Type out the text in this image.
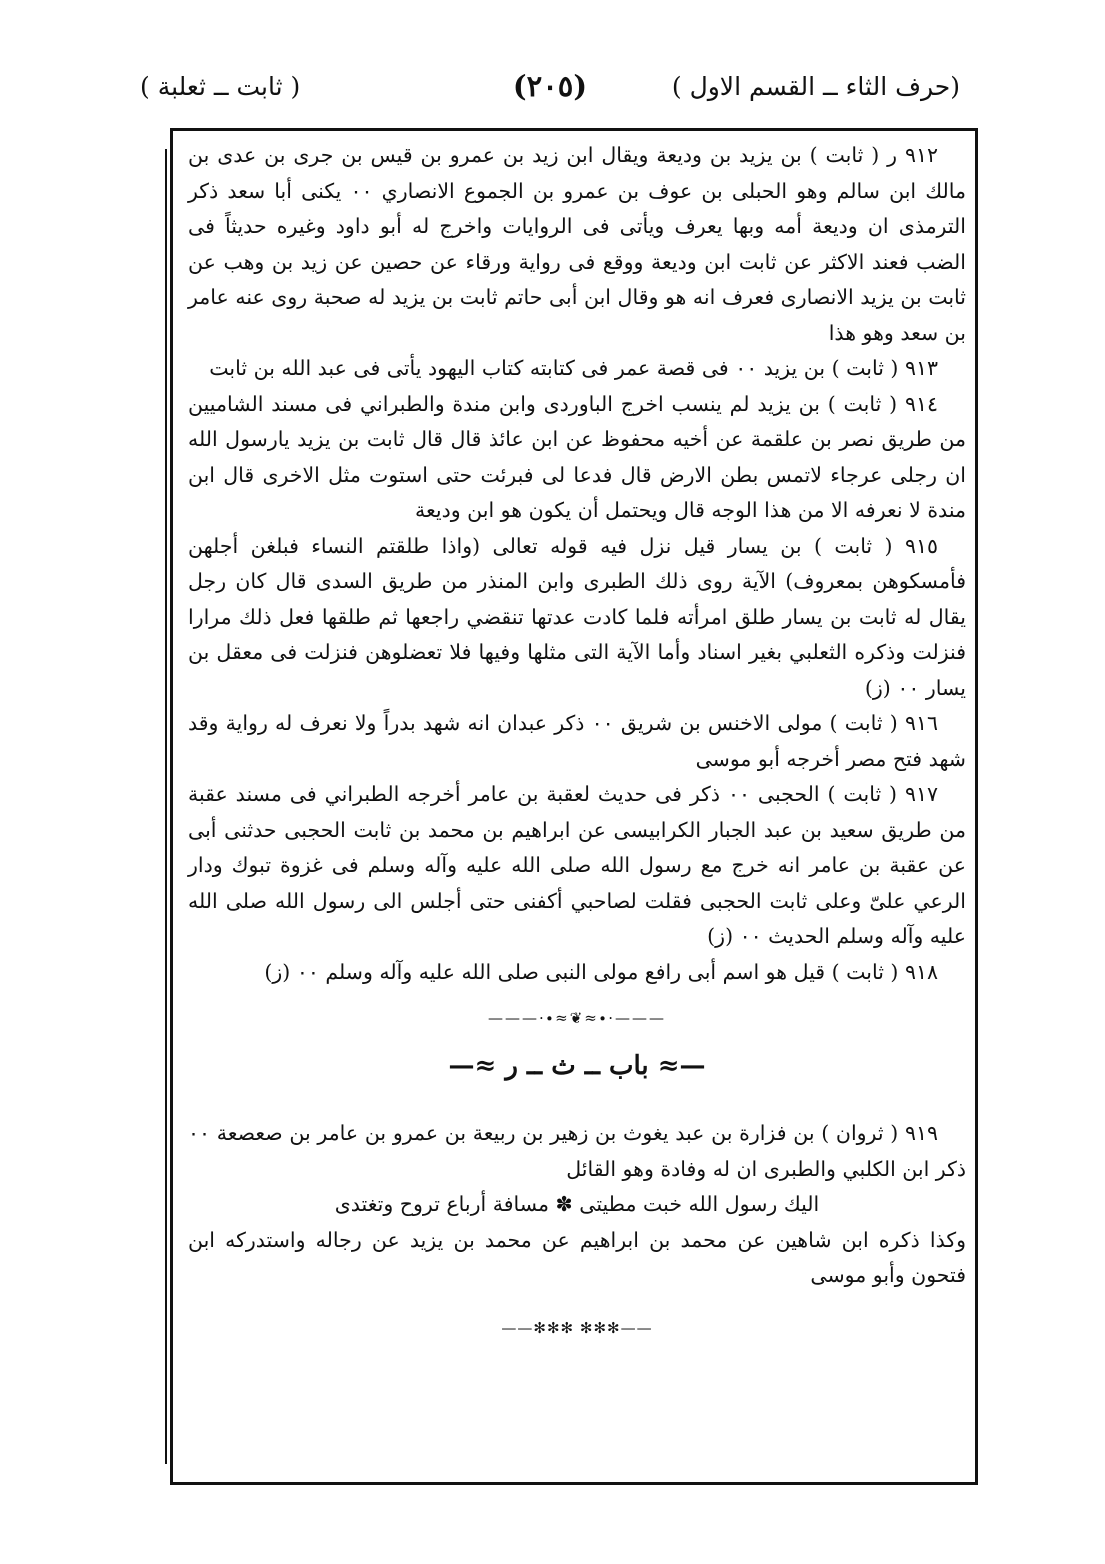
(حرف الثاء ــ القسم الاول )
(٢٠٥)
( ثابت ــ ثعلبة )

٩١٢ ر ( ثابت ) بن يزيد بن وديعة ويقال ابن زيد بن عمرو بن قيس بن جرى بن عدى بن مالك ابن سالم وهو الحبلى بن عوف بن عمرو بن الجموع الانصاري ٠٠ يكنى أبا سعد ذكر الترمذى ان وديعة أمه وبها يعرف ويأتى فى الروايات واخرج له أبو داود وغيره حديثاً فى الضب فعند الاكثر عن ثابت ابن وديعة ووقع فى رواية ورقاء عن حصين عن زيد بن وهب عن ثابت بن يزيد الانصارى فعرف انه هو وقال ابن أبى حاتم ثابت بن يزيد له صحبة روى عنه عامر بن سعد وهو هذا

٩١٣ ( ثابت ) بن يزيد ٠٠ فى قصة عمر فى كتابته كتاب اليهود يأتى فى عبد الله بن ثابت

٩١٤ ( ثابت ) بن يزيد لم ينسب اخرج الباوردى وابن مندة والطبراني فى مسند الشاميين من طريق نصر بن علقمة عن أخيه محفوظ عن ابن عائذ قال قال ثابت بن يزيد يارسول الله ان رجلى عرجاء لاتمس بطن الارض قال فدعا لى فبرئت حتى استوت مثل الاخرى قال ابن مندة لا نعرفه الا من هذا الوجه قال ويحتمل أن يكون هو ابن وديعة

٩١٥ ( ثابت ) بن يسار قيل نزل فيه قوله تعالى (واذا طلقتم النساء فبلغن أجلهن فأمسكوهن بمعروف) الآية روى ذلك الطبرى وابن المنذر من طريق السدى قال كان رجل يقال له ثابت بن يسار طلق امرأته فلما كادت عدتها تنقضي راجعها ثم طلقها فعل ذلك مرارا فنزلت وذكره الثعلبي بغير اسناد وأما الآية التى مثلها وفيها فلا تعضلوهن فنزلت فى معقل بن يسار ٠٠ (ز)

٩١٦ ( ثابت ) مولى الاخنس بن شريق ٠٠ ذكر عبدان انه شهد بدراً ولا نعرف له رواية وقد شهد فتح مصر أخرجه أبو موسى

٩١٧ ( ثابت ) الحجبى ٠٠ ذكر فى حديث لعقبة بن عامر أخرجه الطبراني فى مسند عقبة من طريق سعيد بن عبد الجبار الكرابيسى عن ابراهيم بن محمد بن ثابت الحجبى حدثنى أبى عن عقبة بن عامر انه خرج مع رسول الله صلى الله عليه وآله وسلم فى غزوة تبوك ودار الرعي علىّ وعلى ثابت الحجبى فقلت لصاحبي أكفنى حتى أجلس الى رسول الله صلى الله عليه وآله وسلم الحديث ٠٠ (ز)

٩١٨ ( ثابت ) قيل هو اسم أبى رافع مولى النبى صلى الله عليه وآله وسلم ٠٠ (ز)

———·∙≈❦≈∙·———
—≈ باب ــ ث ــ ر ≈—

٩١٩ ( ثروان ) بن فزارة بن عبد يغوث بن زهير بن ربيعة بن عمرو بن عامر بن صعصعة ٠٠ ذكر ابن الكلبي والطبرى ان له وفادة وهو القائل

اليك رسول الله خبت مطيتى ✽ مسافة أرباع تروح وتغتدى

وكذا ذكره ابن شاهين عن محمد بن ابراهيم عن محمد بن يزيد عن رجاله واستدركه ابن فتحون وأبو موسى

——✻✻✻ ✻✻✻——
